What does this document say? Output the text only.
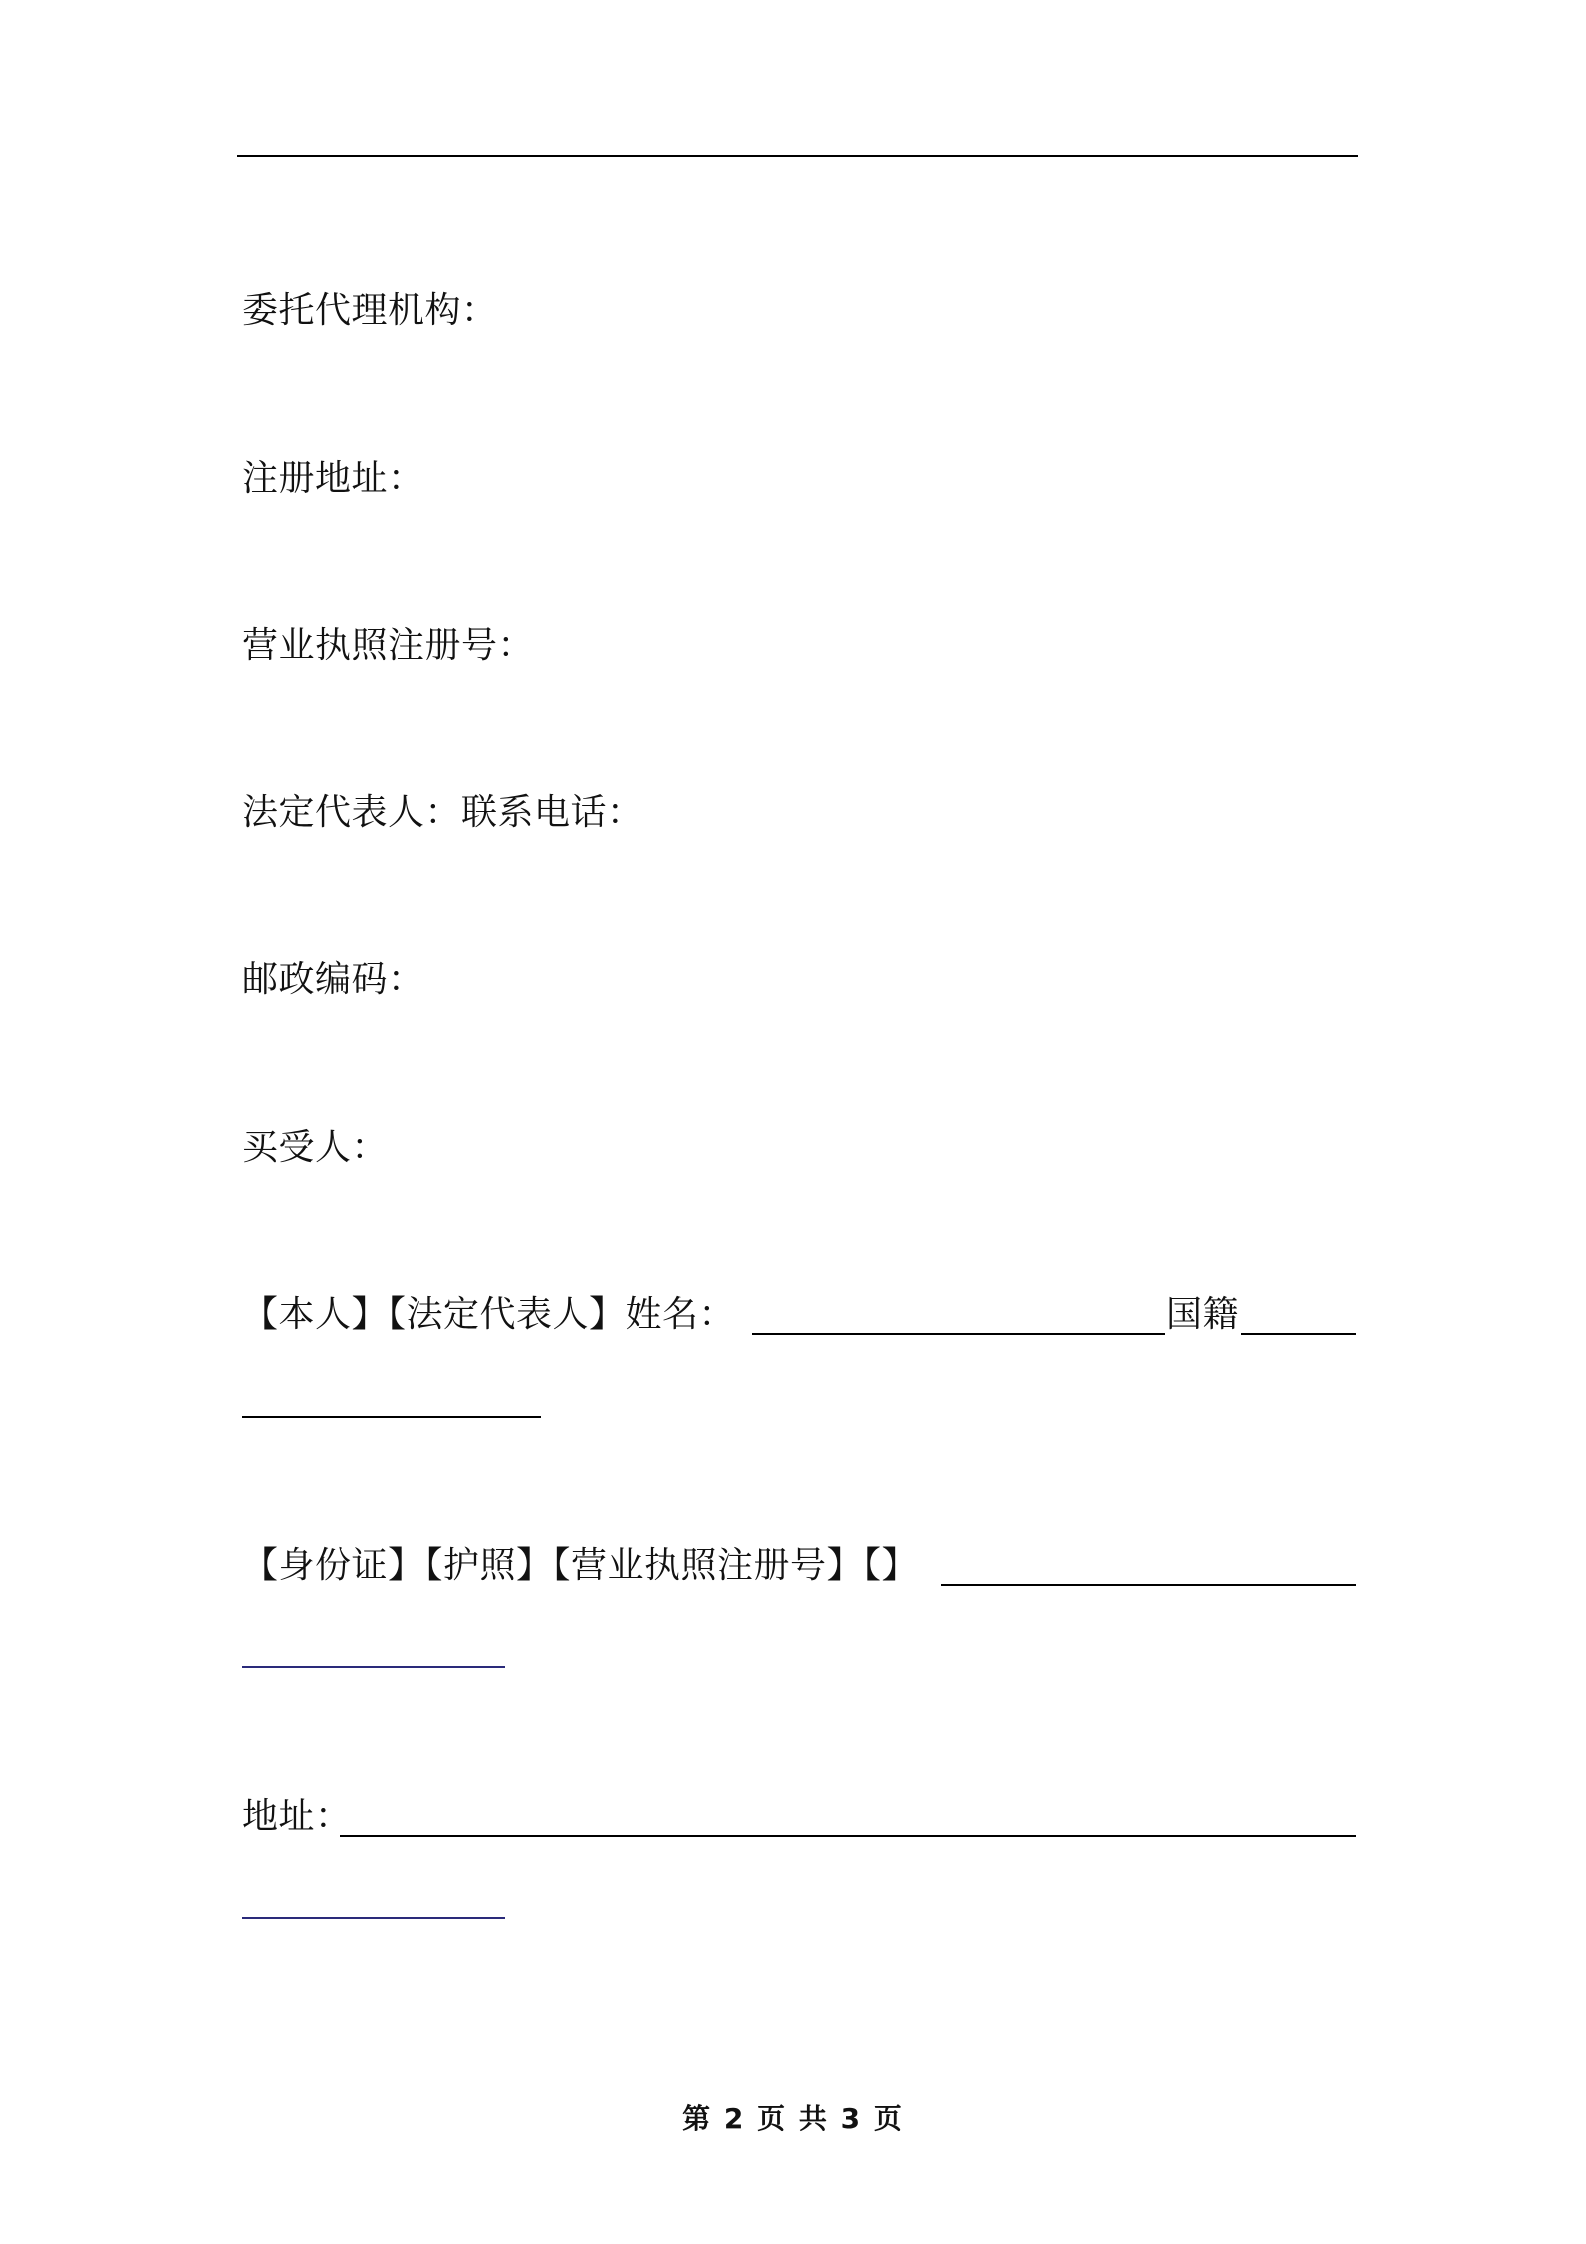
委托代理机构：
注册地址：
营业执照注册号：
法定代表人：联系电话：
邮政编码：
买受人：
【本人】【法定代表人】姓名：	国籍
【身份证】【护照】【营业执照注册号】【】
地址：
第 2 页 共 3 页
